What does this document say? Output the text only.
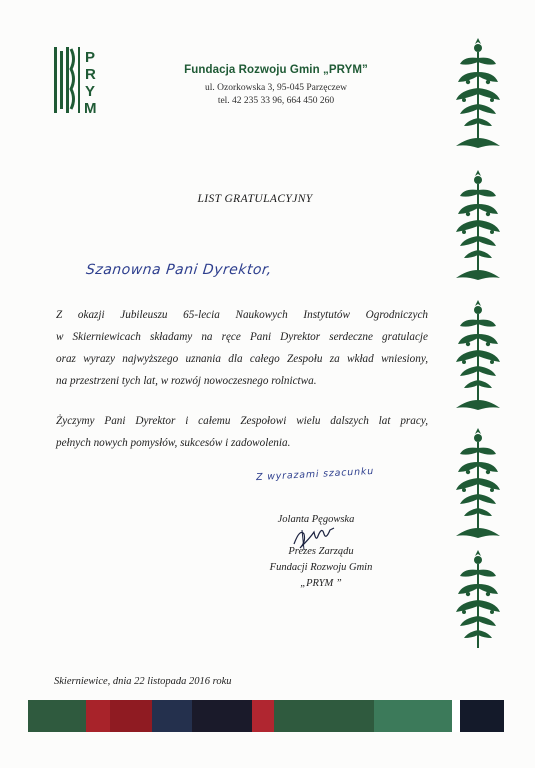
P
R
Y
M
Fundacja Rozwoju Gmin „PRYM”
ul. Ozorkowska 3, 95-045 Parzęczew
tel. 42 235 33 96, 664 450 260
LIST GRATULACYJNY
Szanowna Pani Dyrektor,
Z okazji Jubileuszu 65-lecia Naukowych Instytutów Ogrodniczych
w Skierniewicach składamy na ręce Pani Dyrektor serdeczne gratulacje
oraz wyrazy najwyższego uznania dla całego Zespołu za wkład wniesiony,
na przestrzeni tych lat, w rozwój nowoczesnego rolnictwa.
Życzymy Pani Dyrektor i całemu Zespołowi wielu dalszych lat pracy,
pełnych nowych pomysłów, sukcesów i zadowolenia.
Z wyrazami szacunku
Jolanta Pęgowska
Prezes Zarządu
Fundacji Rozwoju Gmin
„PRYM ”
Skierniewice, dnia 22 listopada 2016 roku
